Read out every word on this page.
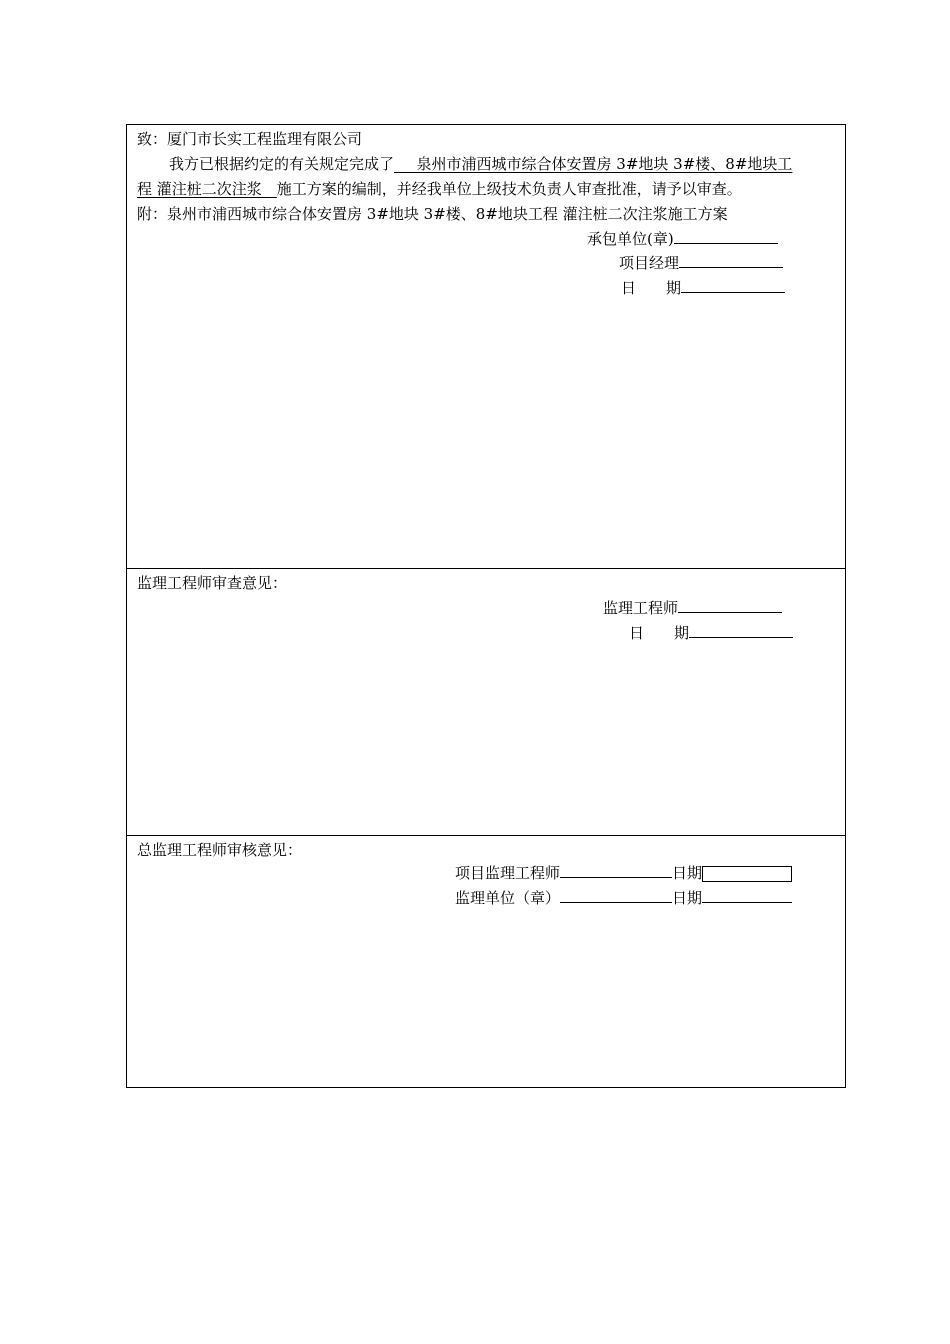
致：厦门市长实工程监理有限公司
我方已根据约定的有关规定完成了___泉州市浦西城市综合体安置房 3#地块 3#楼、8#地块工
程 灌注桩二次注浆__施工方案的编制，并经我单位上级技术负责人审查批准，请予以审查。
附：泉州市浦西城市综合体安置房 3#地块 3#楼、8#地块工程 灌注桩二次注浆施工方案
承包单位(章)
项目经理
日　　期
监理工程师审查意见：
监理工程师
日　　期
总监理工程师审核意见：
项目监理工程师	日期
监理单位（章）	日期
